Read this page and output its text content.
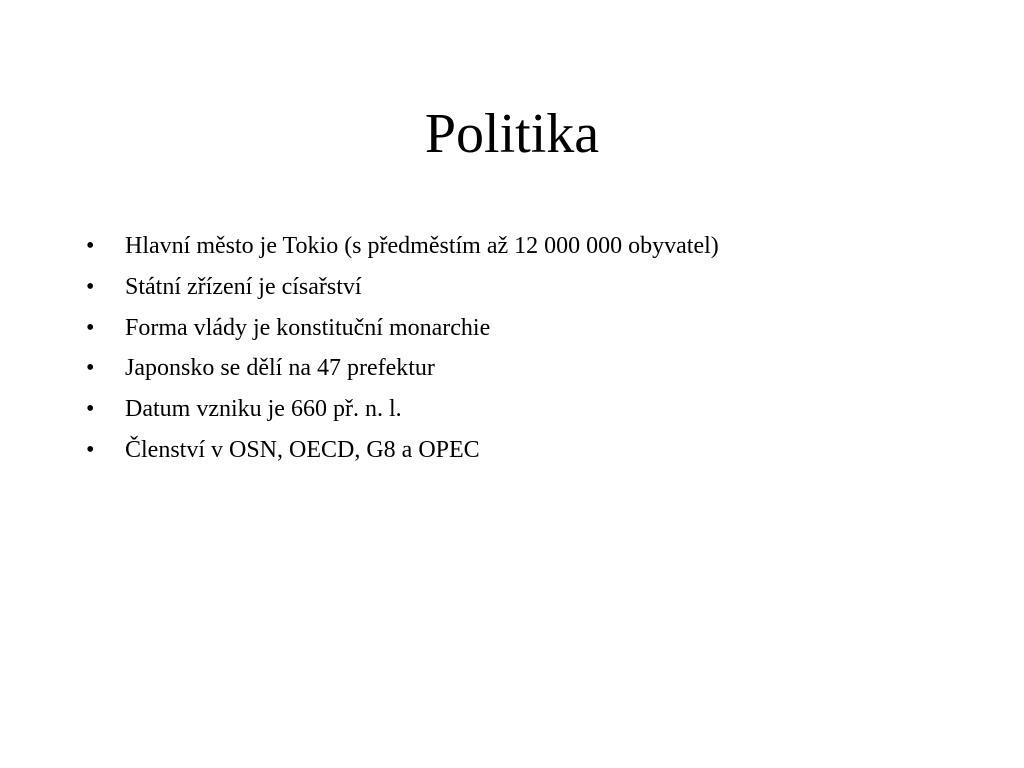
Politika
•	Hlavní město je Tokio (s předměstím až 12 000 000 obyvatel)
•	Státní zřízení je císařství
•	Forma vlády je konstituční monarchie
•	Japonsko se dělí na 47 prefektur
•	Datum vzniku je 660 př. n. l.
•	Členství v OSN, OECD, G8 a OPEC
